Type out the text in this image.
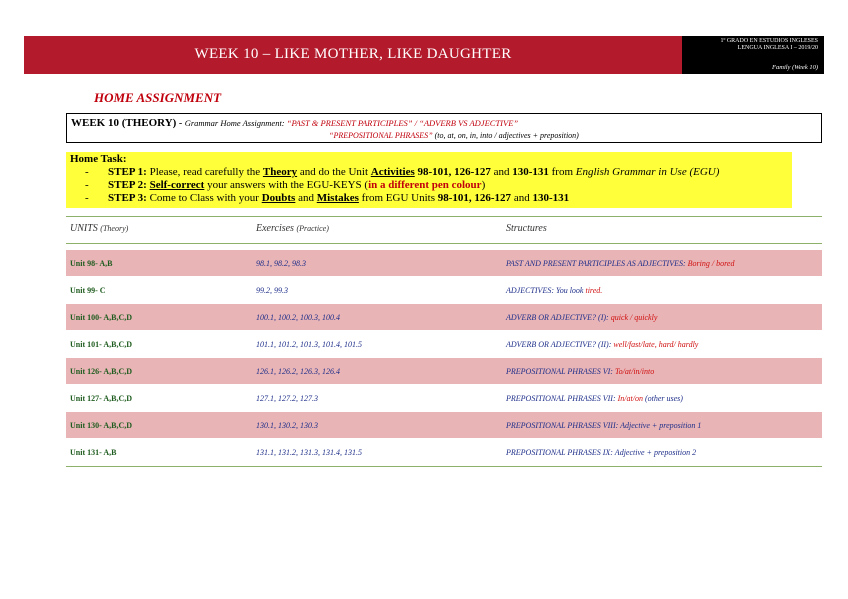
WEEK 10 – LIKE MOTHER, LIKE DAUGHTER
1º GRADO EN ESTUDIOS INGLESES
LENGUA INGLESA I – 2019/20
Family (Week 10)
HOME ASSIGNMENT
WEEK 10 (THEORY) - Grammar Home Assignment: “PAST & PRESENT PARTICIPLES” / “ADVERB VS ADJECTIVE”
“PREPOSITIONAL PHRASES” (to, at, on, in, into / adjectives + preposition)
Home Task:
- STEP 1: Please, read carefully the Theory and do the Unit Activities 98-101, 126-127 and 130-131 from English Grammar in Use (EGU)
- STEP 2: Self-correct your answers with the EGU-KEYS (in a different pen colour)
- STEP 3: Come to Class with your Doubts and Mistakes from EGU Units 98-101, 126-127 and 130-131
UNITS (Theory)	Exercises (Practice)	Structures
Unit 98- A,B	98.1, 98.2, 98.3	PAST AND PRESENT PARTICIPLES AS ADJECTIVES: Boring / bored
Unit 99- C	99.2, 99.3	ADJECTIVES: You look tired.
Unit 100- A,B,C,D	100.1, 100.2, 100.3, 100.4	ADVERB OR ADJECTIVE? (I): quick / quickly
Unit 101- A,B,C,D	101.1, 101.2, 101.3, 101.4, 101.5	ADVERB OR ADJECTIVE? (II): well/fast/late, hard/ hardly
Unit 126- A,B,C,D	126.1, 126.2, 126.3, 126.4	PREPOSITIONAL PHRASES VI: To/at/in/into
Unit 127- A,B,C,D	127.1, 127.2, 127.3	PREPOSITIONAL PHRASES VII: In/at/on (other uses)
Unit 130- A,B,C,D	130.1, 130.2, 130.3	PREPOSITIONAL PHRASES VIII: Adjective + preposition 1
Unit 131- A,B	131.1, 131.2, 131.3, 131.4, 131.5	PREPOSITIONAL PHRASES IX: Adjective + preposition 2
